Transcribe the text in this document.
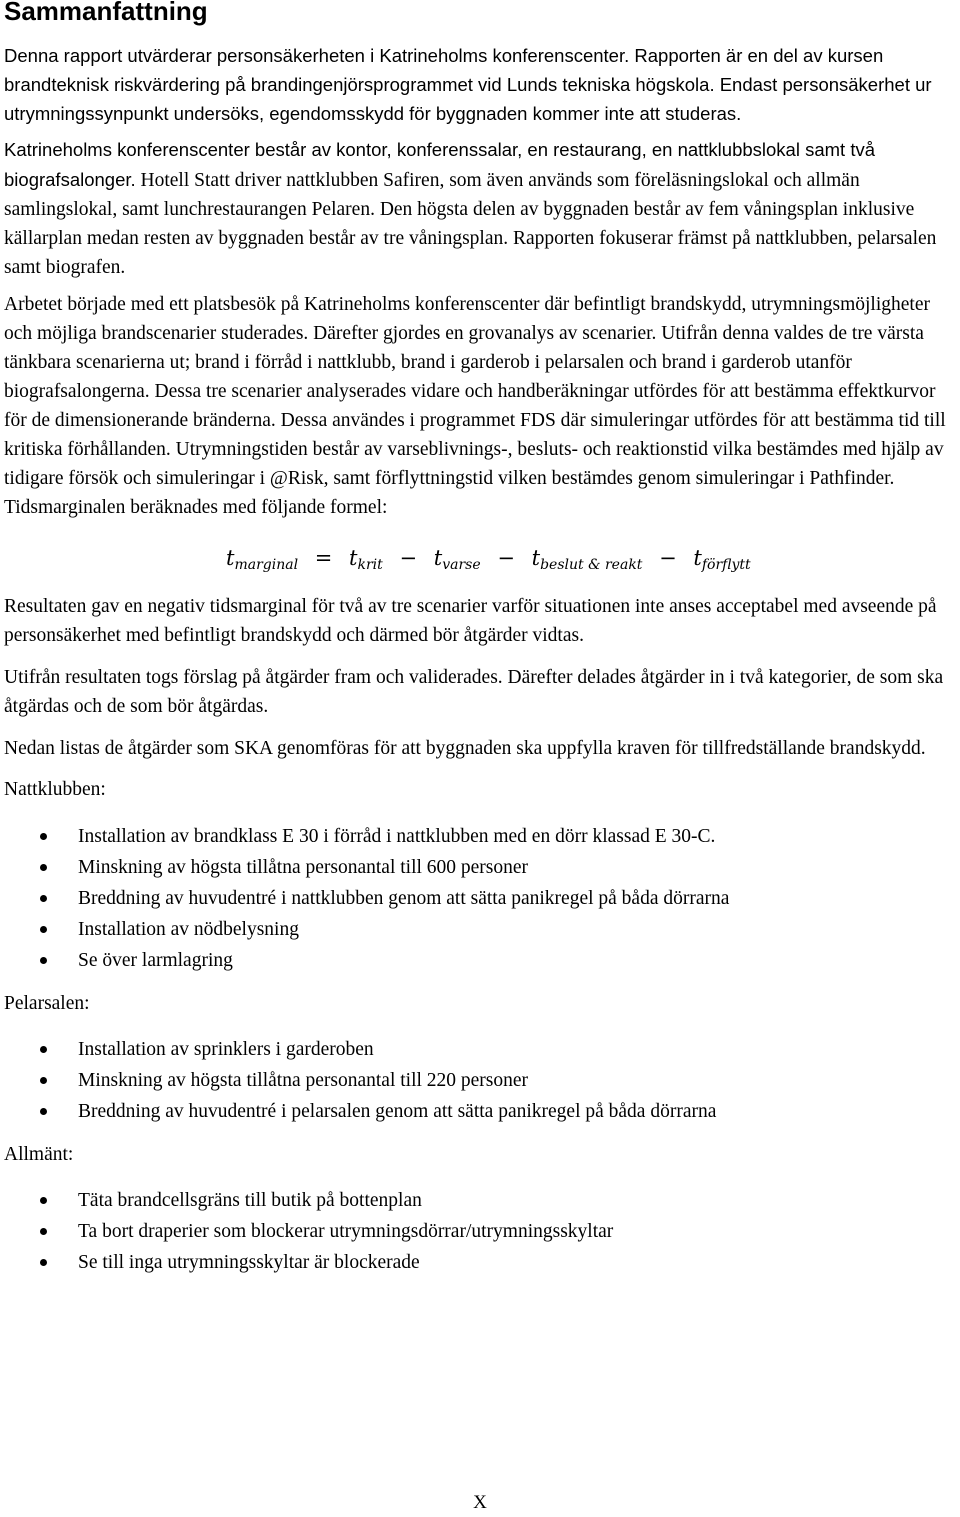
Sammanfattning

Denna rapport utvärderar personsäkerheten i Katrineholms konferenscenter. Rapporten är en del av kursen brandteknisk riskvärdering på brandingenjörsprogrammet vid Lunds tekniska högskola. Endast personsäkerhet ur utrymningssynpunkt undersöks, egendomsskydd för byggnaden kommer inte att studeras.

Katrineholms konferenscenter består av kontor, konferenssalar, en restaurang, en nattklubbslokal samt två biografsalonger. Hotell Statt driver nattklubben Safiren, som även används som föreläsningslokal och allmän samlingslokal, samt lunchrestaurangen Pelaren. Den högsta delen av byggnaden består av fem våningsplan inklusive källarplan medan resten av byggnaden består av tre våningsplan. Rapporten fokuserar främst på nattklubben, pelarsalen samt biografen.

Arbetet började med ett platsbesök på Katrineholms konferenscenter där befintligt brandskydd, utrymningsmöjligheter och möjliga brandscenarier studerades. Därefter gjordes en grovanalys av scenarier. Utifrån denna valdes de tre värsta tänkbara scenarierna ut; brand i förråd i nattklubb, brand i garderob i pelarsalen och brand i garderob utanför biografsalongerna. Dessa tre scenarier analyserades vidare och handberäkningar utfördes för att bestämma effektkurvor för de dimensionerande bränderna. Dessa användes i programmet FDS där simuleringar utfördes för att bestämma tid till kritiska förhållanden. Utrymningstiden består av varseblivnings-, besluts- och reaktionstid vilka bestämdes med hjälp av tidigare försök och simuleringar i @Risk, samt förflyttningstid vilken bestämdes genom simuleringar i Pathfinder. Tidsmarginalen beräknades med följande formel:

$t_{marginal} = t_{krit} - t_{varse} - t_{beslut \& reakt} - t_{förflytt}$

Resultaten gav en negativ tidsmarginal för två av tre scenarier varför situationen inte anses acceptabel med avseende på personsäkerhet med befintligt brandskydd och därmed bör åtgärder vidtas.

Utifrån resultaten togs förslag på åtgärder fram och validerades. Därefter delades åtgärder in i två kategorier, de som ska åtgärdas och de som bör åtgärdas.

Nedan listas de åtgärder som SKA genomföras för att byggnaden ska uppfylla kraven för tillfredställande brandskydd.

Nattklubben:

Installation av brandklass E 30 i förråd i nattklubben med en dörr klassad E 30-C.
Minskning av högsta tillåtna personantal till 600 personer
Breddning av huvudentré i nattklubben genom att sätta panikregel på båda dörrarna
Installation av nödbelysning
Se över larmlagring

Pelarsalen:

Installation av sprinklers i garderoben
Minskning av högsta tillåtna personantal till 220 personer
Breddning av huvudentré i pelarsalen genom att sätta panikregel på båda dörrarna

Allmänt:

Täta brandcellsgräns till butik på bottenplan
Ta bort draperier som blockerar utrymningsdörrar/utrymningsskyltar
Se till inga utrymningsskyltar är blockerade
X
